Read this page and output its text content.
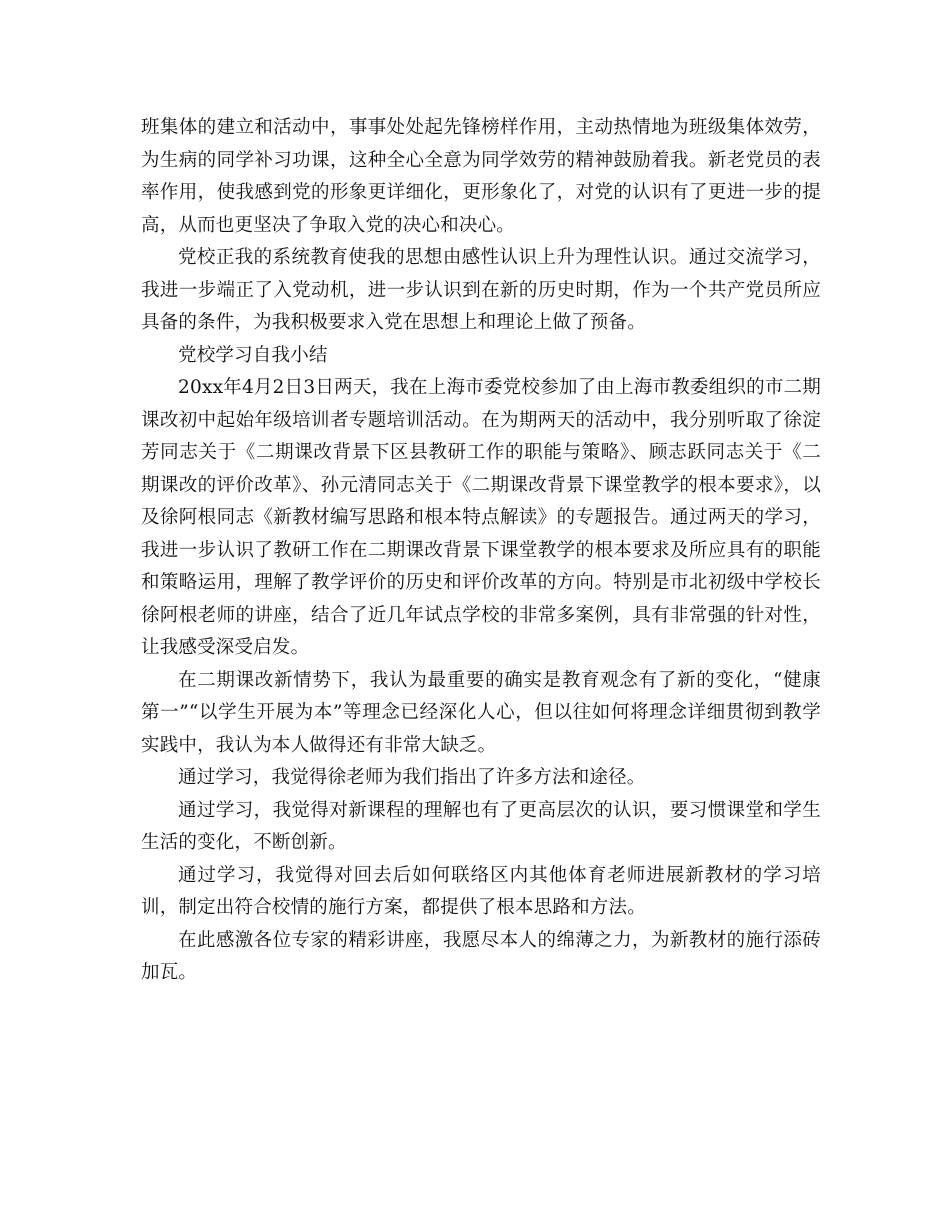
班集体的建立和活动中，事事处处起先锋榜样作用，主动热情地为班级集体效劳，为生病的同学补习功课，这种全心全意为同学效劳的精神鼓励着我。新老党员的表率作用，使我感到党的形象更详细化，更形象化了，对党的认识有了更进一步的提高，从而也更坚决了争取入党的决心和决心。

党校正我的系统教育使我的思想由感性认识上升为理性认识。通过交流学习，我进一步端正了入党动机，进一步认识到在新的历史时期，作为一个共产党员所应具备的条件，为我积极要求入党在思想上和理论上做了预备。

党校学习自我小结

20xx年4月2日3日两天，我在上海市委党校参加了由上海市教委组织的市二期课改初中起始年级培训者专题培训活动。在为期两天的活动中，我分别听取了徐淀芳同志关于《二期课改背景下区县教研工作的职能与策略》、顾志跃同志关于《二期课改的评价改革》、孙元清同志关于《二期课改背景下课堂教学的根本要求》，以及徐阿根同志《新教材编写思路和根本特点解读》的专题报告。通过两天的学习，我进一步认识了教研工作在二期课改背景下课堂教学的根本要求及所应具有的职能和策略运用，理解了教学评价的历史和评价改革的方向。特别是市北初级中学校长徐阿根老师的讲座，结合了近几年试点学校的非常多案例，具有非常强的针对性，让我感受深受启发。

在二期课改新情势下，我认为最重要的确实是教育观念有了新的变化，“健康第一”“以学生开展为本”等理念已经深化人心，但以往如何将理念详细贯彻到教学实践中，我认为本人做得还有非常大缺乏。

通过学习，我觉得徐老师为我们指出了许多方法和途径。

通过学习，我觉得对新课程的理解也有了更高层次的认识，要习惯课堂和学生生活的变化，不断创新。

通过学习，我觉得对回去后如何联络区内其他体育老师进展新教材的学习培训，制定出符合校情的施行方案，都提供了根本思路和方法。

在此感激各位专家的精彩讲座，我愿尽本人的绵薄之力，为新教材的施行添砖加瓦。
